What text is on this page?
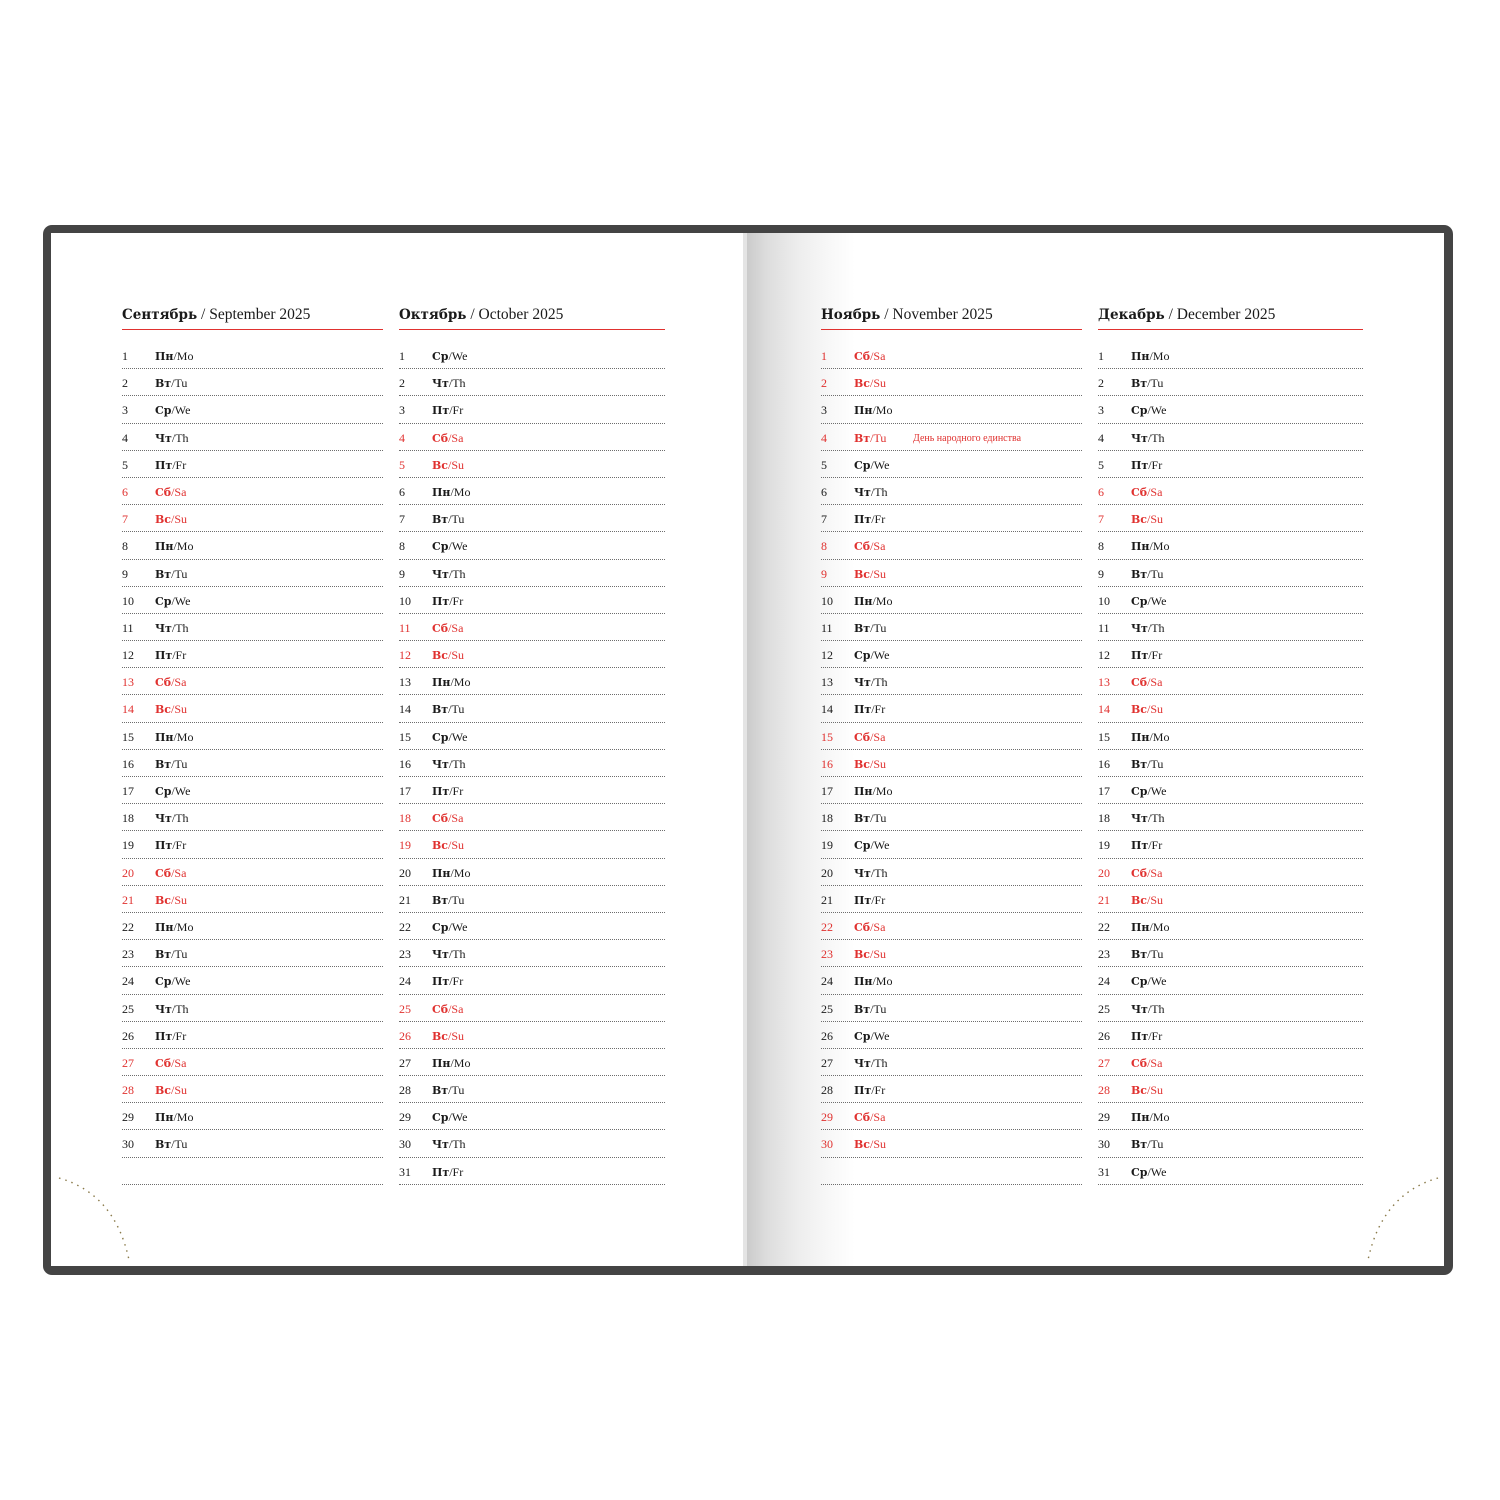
Сентябрь / September 2025
1 Пн/Mo
2 Вт/Tu
3 Ср/We
4 Чт/Th
5 Пт/Fr
6 Сб/Sa
7 Вс/Su
8 Пн/Mo
9 Вт/Tu
10 Ср/We
11 Чт/Th
12 Пт/Fr
13 Сб/Sa
14 Вс/Su
15 Пн/Mo
16 Вт/Tu
17 Ср/We
18 Чт/Th
19 Пт/Fr
20 Сб/Sa
21 Вс/Su
22 Пн/Mo
23 Вт/Tu
24 Ср/We
25 Чт/Th
26 Пт/Fr
27 Сб/Sa
28 Вс/Su
29 Пн/Mo
30 Вт/Tu
Октябрь / October 2025
1 Ср/We
2 Чт/Th
3 Пт/Fr
4 Сб/Sa
5 Вс/Su
6 Пн/Mo
7 Вт/Tu
8 Ср/We
9 Чт/Th
10 Пт/Fr
11 Сб/Sa
12 Вс/Su
13 Пн/Mo
14 Вт/Tu
15 Ср/We
16 Чт/Th
17 Пт/Fr
18 Сб/Sa
19 Вс/Su
20 Пн/Mo
21 Вт/Tu
22 Ср/We
23 Чт/Th
24 Пт/Fr
25 Сб/Sa
26 Вс/Su
27 Пн/Mo
28 Вт/Tu
29 Ср/We
30 Чт/Th
31 Пт/Fr
Ноябрь / November 2025
1 Сб/Sa
2 Вс/Su
3 Пн/Mo
4 Вт/Tu	День народного единства
5 Ср/We
6 Чт/Th
7 Пт/Fr
8 Сб/Sa
9 Вс/Su
10 Пн/Mo
11 Вт/Tu
12 Ср/We
13 Чт/Th
14 Пт/Fr
15 Сб/Sa
16 Вс/Su
17 Пн/Mo
18 Вт/Tu
19 Ср/We
20 Чт/Th
21 Пт/Fr
22 Сб/Sa
23 Вс/Su
24 Пн/Mo
25 Вт/Tu
26 Ср/We
27 Чт/Th
28 Пт/Fr
29 Сб/Sa
30 Вс/Su
Декабрь / December 2025
1 Пн/Mo
2 Вт/Tu
3 Ср/We
4 Чт/Th
5 Пт/Fr
6 Сб/Sa
7 Вс/Su
8 Пн/Mo
9 Вт/Tu
10 Ср/We
11 Чт/Th
12 Пт/Fr
13 Сб/Sa
14 Вс/Su
15 Пн/Mo
16 Вт/Tu
17 Ср/We
18 Чт/Th
19 Пт/Fr
20 Сб/Sa
21 Вс/Su
22 Пн/Mo
23 Вт/Tu
24 Ср/We
25 Чт/Th
26 Пт/Fr
27 Сб/Sa
28 Вс/Su
29 Пн/Mo
30 Вт/Tu
31 Ср/We
